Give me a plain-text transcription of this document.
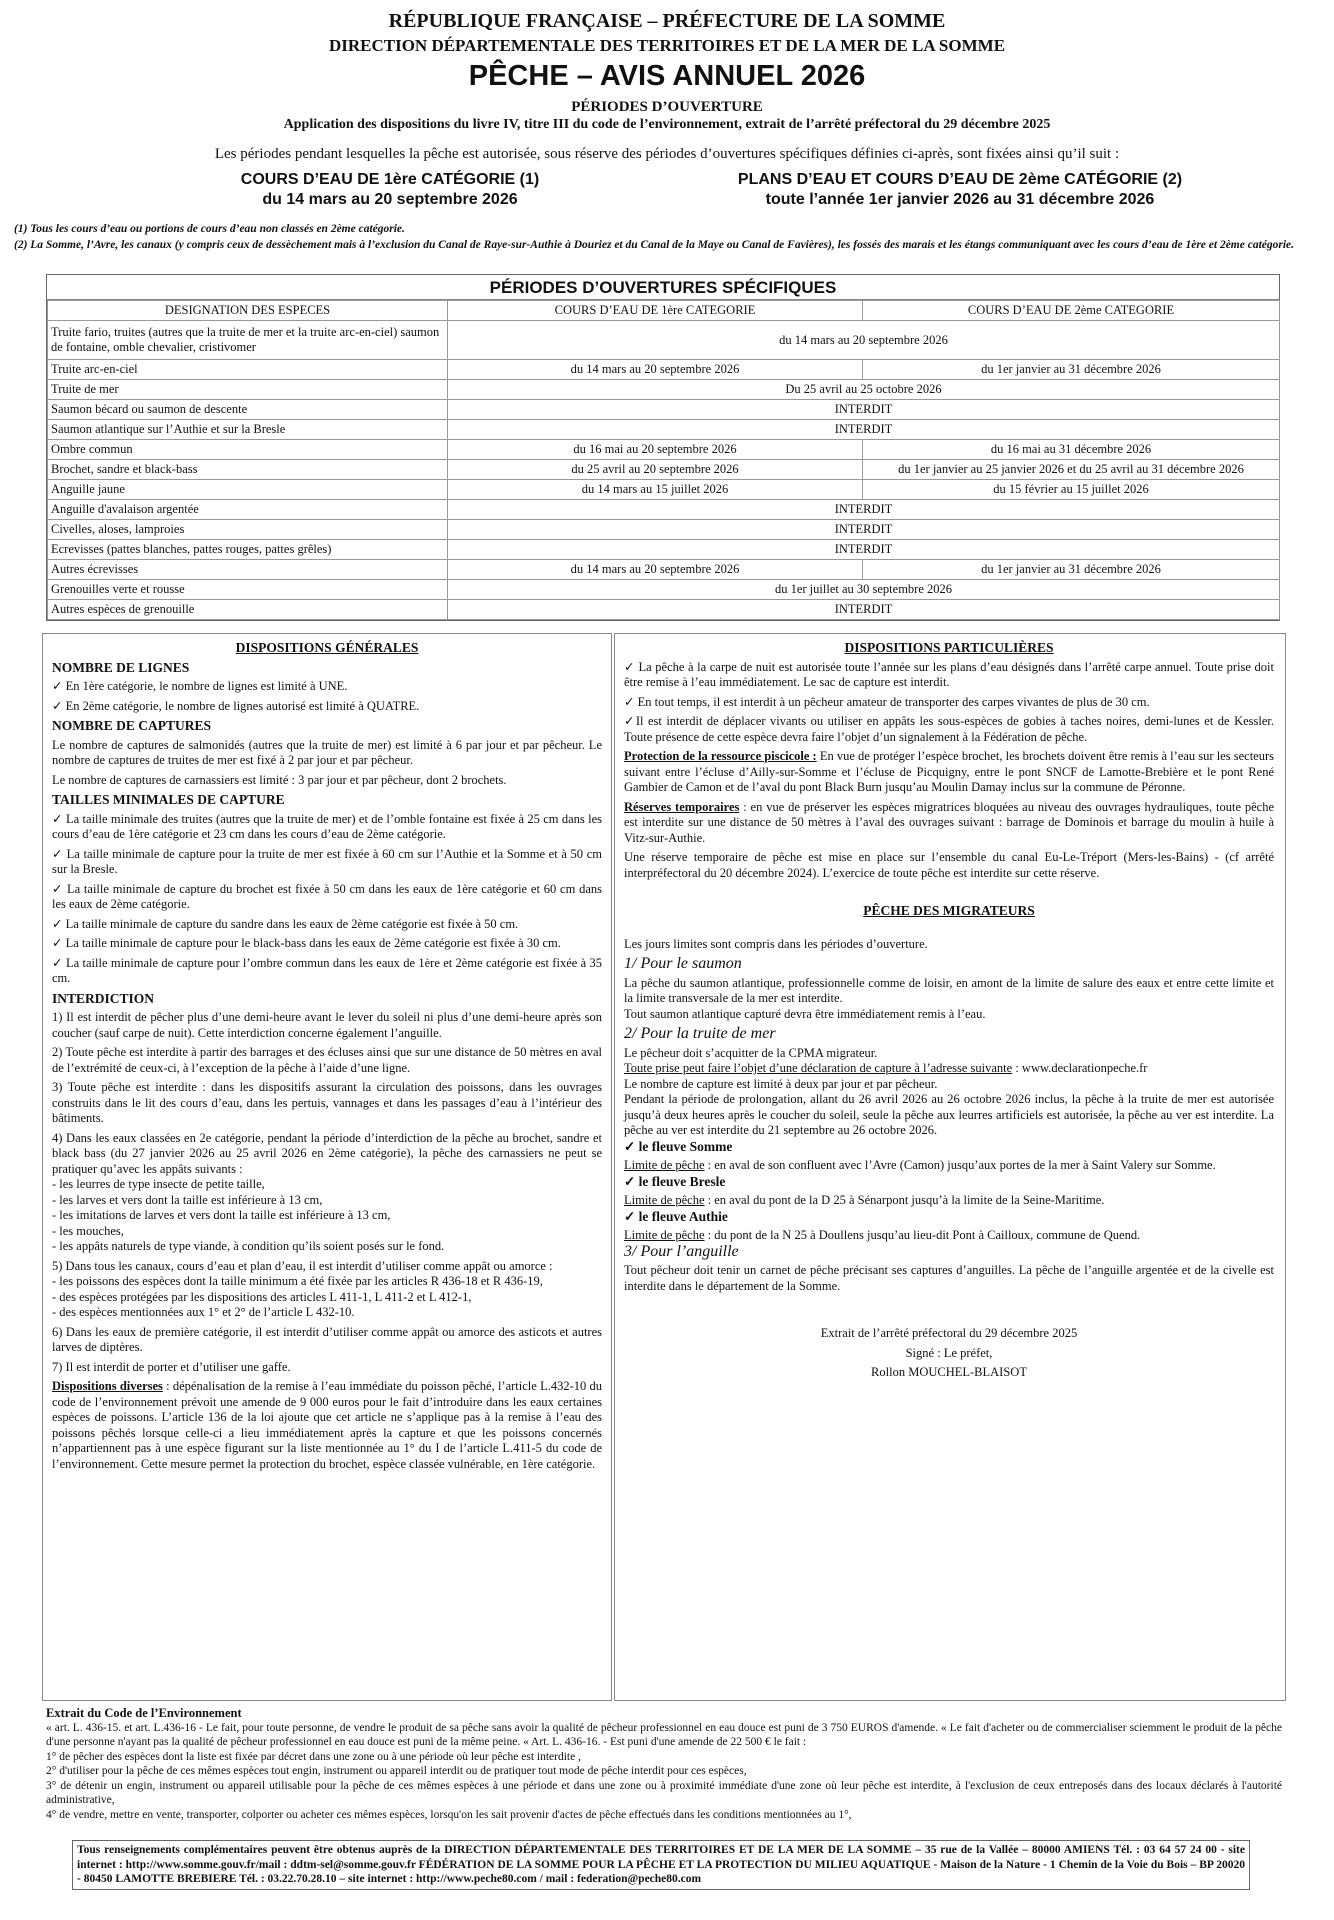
RÉPUBLIQUE FRANÇAISE – PRÉFECTURE DE LA SOMME
DIRECTION DÉPARTEMENTALE DES TERRITOIRES ET DE LA MER DE LA SOMME
PÊCHE – AVIS ANNUEL 2026
PÉRIODES D’OUVERTURE
Application des dispositions du livre IV, titre III du code de l’environnement, extrait de l’arrêté préfectoral du 29 décembre 2025
Les périodes pendant lesquelles la pêche est autorisée, sous réserve des périodes d’ouvertures spécifiques définies ci-après, sont fixées ainsi qu’il suit :
COURS D’EAU DE 1ère CATÉGORIE (1)
du 14 mars au 20 septembre 2026
PLANS D’EAU ET COURS D’EAU DE 2ème CATÉGORIE (2)
toute l’année 1er janvier 2026 au 31 décembre 2026
(1) Tous les cours d’eau ou portions de cours d’eau non classés en 2ème catégorie.
(2) La Somme, l’Avre, les canaux (y compris ceux de dessèchement mais à l’exclusion du Canal de Raye-sur-Authie à Douriez et du Canal de la Maye ou Canal de Favières), les fossés des marais et les étangs communiquant avec les cours d’eau de 1ère et 2ème catégorie.
PÉRIODES D’OUVERTURES SPÉCIFIQUES
DESIGNATION DES ESPECES	COURS D’EAU DE 1ère CATEGORIE	COURS D’EAU DE 2ème CATEGORIE
Truite fario, truites (autres que la truite de mer et la truite arc-en-ciel) saumon de fontaine, omble chevalier, cristivomer	du 14 mars au 20 septembre 2026	
Truite arc-en-ciel	du 14 mars au 20 septembre 2026	du 1er janvier au 31 décembre 2026
Truite de mer	Du 25 avril au 25 octobre 2026	
Saumon bécard ou saumon de descente	INTERDIT	
Saumon atlantique sur l’Authie et sur la Bresle	INTERDIT	
Ombre commun	du 16 mai au 20 septembre 2026	du 16 mai au 31 décembre 2026
Brochet, sandre et black-bass	du 25 avril au 20 septembre 2026	du 1er janvier au 25 janvier 2026 et du 25 avril au 31 décembre 2026
Anguille jaune	du 14 mars au 15 juillet 2026	du 15 février au 15 juillet 2026
Anguille d'avalaison argentée	INTERDIT	
Civelles, aloses, lamproies	INTERDIT	
Ecrevisses (pattes blanches, pattes rouges, pattes grêles)	INTERDIT	
Autres écrevisses	du 14 mars au 20 septembre 2026	du 1er janvier au 31 décembre 2026
Grenouilles verte et rousse	du 1er juillet au 30 septembre 2026	
Autres espèces de grenouille	INTERDIT	

DISPOSITIONS GÉNÉRALES

NOMBRE DE LIGNES

✓ En 1ère catégorie, le nombre de lignes est limité à UNE.

✓ En 2ème catégorie, le nombre de lignes autorisé est limité à QUATRE.

NOMBRE DE CAPTURES

Le nombre de captures de salmonidés (autres que la truite de mer) est limité à 6 par jour et par pêcheur. Le nombre de captures de truites de mer est fixé à 2 par jour et par pêcheur.

Le nombre de captures de carnassiers est limité : 3 par jour et par pêcheur, dont 2 brochets.

TAILLES MINIMALES DE CAPTURE

✓ La taille minimale des truites (autres que la truite de mer) et de l’omble fontaine est fixée à 25 cm dans les cours d’eau de 1ère catégorie et 23 cm dans les cours d’eau de 2ème catégorie.

✓ La taille minimale de capture pour la truite de mer est fixée à 60 cm sur l’Authie et la Somme et à 50 cm sur la Bresle.

✓ La taille minimale de capture du brochet est fixée à 50 cm dans les eaux de 1ère catégorie et 60 cm dans les eaux de 2ème catégorie.

✓ La taille minimale de capture du sandre dans les eaux de 2ème catégorie est fixée à 50 cm.

✓ La taille minimale de capture pour le black-bass dans les eaux de 2ème catégorie est fixée à 30 cm.

✓ La taille minimale de capture pour l’ombre commun dans les eaux de 1ère et 2ème catégorie est fixée à 35 cm.

INTERDICTION

1) Il est interdit de pêcher plus d’une demi-heure avant le lever du soleil ni plus d’une demi-heure après son coucher (sauf carpe de nuit). Cette interdiction concerne également l’anguille.

2) Toute pêche est interdite à partir des barrages et des écluses ainsi que sur une distance de 50 mètres en aval de l’extrémité de ceux-ci, à l’exception de la pêche à l’aide d’une ligne.

3) Toute pêche est interdite : dans les dispositifs assurant la circulation des poissons, dans les ouvrages construits dans le lit des cours d’eau, dans les pertuis, vannages et dans les passages d’eau à l’intérieur des bâtiments.

4) Dans les eaux classées en 2e catégorie, pendant la période d’interdiction de la pêche au brochet, sandre et black bass (du 27 janvier 2026 au 25 avril 2026 en 2ème catégorie), la pêche des carnassiers ne peut se pratiquer qu’avec les appâts suivants :

- les leurres de type insecte de petite taille,

- les larves et vers dont la taille est inférieure à 13 cm,

- les imitations de larves et vers dont la taille est inférieure à 13 cm,

- les mouches,

- les appâts naturels de type viande, à condition qu’ils soient posés sur le fond.

5) Dans tous les canaux, cours d’eau et plan d’eau, il est interdit d’utiliser comme appât ou amorce :

- les poissons des espèces dont la taille minimum a été fixée par les articles R 436-18 et R 436-19,

- des espèces protégées par les dispositions des articles L 411-1, L 411-2 et L 412-1,

- des espèces mentionnées aux 1° et 2° de l’article L 432-10.

6) Dans les eaux de première catégorie, il est interdit d’utiliser comme appât ou amorce des asticots et autres larves de diptères.

7) Il est interdit de porter et d’utiliser une gaffe.

Dispositions diverses : dépénalisation de la remise à l’eau immédiate du poisson pêché, l’article L.432-10 du code de l’environnement prévoit une amende de 9 000 euros pour le fait d’introduire dans les eaux certaines espèces de poissons. L’article 136 de la loi ajoute que cet article ne s’applique pas à la remise à l’eau des poissons pêchés lorsque celle-ci a lieu immédiatement après la capture et que les poissons concernés n’appartiennent pas à une espèce figurant sur la liste mentionnée au 1° du I de l’article L.411-5 du code de l’environnement. Cette mesure permet la protection du brochet, espèce classée vulnérable, en 1ère catégorie.

DISPOSITIONS PARTICULIÈRES

✓ La pêche à la carpe de nuit est autorisée toute l’année sur les plans d’eau désignés dans l’arrêté carpe annuel. Toute prise doit être remise à l’eau immédiatement. Le sac de capture est interdit.

✓ En tout temps, il est interdit à un pêcheur amateur de transporter des carpes vivantes de plus de 30 cm.

✓Il est interdit de déplacer vivants ou utiliser en appâts les sous-espèces de gobies à taches noires, demi-lunes et de Kessler. Toute présence de cette espèce devra faire l’objet d’un signalement à la Fédération de pêche.

Protection de la ressource piscicole : En vue de protéger l’espèce brochet, les brochets doivent être remis à l’eau sur les secteurs suivant entre l’écluse d’Ailly-sur-Somme et l’écluse de Picquigny, entre le pont SNCF de Lamotte-Brebière et le pont René Gambier de Camon et de l’aval du pont Black Burn jusqu’au Moulin Damay inclus sur la commune de Péronne.

Réserves temporaires : en vue de préserver les espèces migratrices bloquées au niveau des ouvrages hydrauliques, toute pêche est interdite sur une distance de 50 mètres à l’aval des ouvrages suivant : barrage de Dominois et barrage du moulin à huile à Vitz-sur-Authie.

Une réserve temporaire de pêche est mise en place sur l’ensemble du canal Eu-Le-Tréport (Mers-les-Bains) - (cf arrêté interpréfectoral du 20 décembre 2024). L’exercice de toute pêche est interdite sur cette réserve.

PÊCHE DES MIGRATEURS

Les jours limites sont compris dans les périodes d’ouverture.

1/ Pour le saumon

La pêche du saumon atlantique, professionnelle comme de loisir, en amont de la limite de salure des eaux et entre cette limite et la limite transversale de la mer est interdite.

Tout saumon atlantique capturé devra être immédiatement remis à l’eau.

2/ Pour la truite de mer

Le pêcheur doit s’acquitter de la CPMA migrateur.

Toute prise peut faire l’objet d’une déclaration de capture à l’adresse suivante : www.declarationpeche.fr

Le nombre de capture est limité à deux par jour et par pêcheur.

Pendant la période de prolongation, allant du 26 avril 2026 au 26 octobre 2026 inclus, la pêche à la truite de mer est autorisée jusqu’à deux heures après le coucher du soleil, seule la pêche aux leurres artificiels est autorisée, la pêche au ver est interdite. La pêche au ver est interdite du 21 septembre au 26 octobre 2026.

✓ le fleuve Somme

Limite de pêche : en aval de son confluent avec l’Avre (Camon) jusqu’aux portes de la mer à Saint Valery sur Somme.

✓ le fleuve Bresle

Limite de pêche : en aval du pont de la D 25 à Sénarpont jusqu’à la limite de la Seine-Maritime.

✓ le fleuve Authie

Limite de pêche : du pont de la N 25 à Doullens jusqu’au lieu-dit Pont à Cailloux, commune de Quend.

3/ Pour l’anguille

Tout pêcheur doit tenir un carnet de pêche précisant ses captures d’anguilles. La pêche de l’anguille argentée et de la civelle est interdite dans le département de la Somme.

Extrait de l’arrêté préfectoral du 29 décembre 2025

Signé : Le préfet,

Rollon MOUCHEL-BLAISOT

Extrait du Code de l’Environnement

« art. L. 436-15. et art. L.436-16 - Le fait, pour toute personne, de vendre le produit de sa pêche sans avoir la qualité de pêcheur professionnel en eau douce est puni de 3 750 EUROS d'amende. « Le fait d'acheter ou de commercialiser sciemment le produit de la pêche d'une personne n'ayant pas la qualité de pêcheur professionnel en eau douce est puni de la même peine. « Art. L. 436-16. - Est puni d'une amende de 22 500 € le fait :

1° de pêcher des espèces dont la liste est fixée par décret dans une zone ou à une période où leur pêche est interdite ,

2° d'utiliser pour la pêche de ces mêmes espèces tout engin, instrument ou appareil interdit ou de pratiquer tout mode de pêche interdit pour ces espèces,

3° de détenir un engin, instrument ou appareil utilisable pour la pêche de ces mêmes espèces à une période et dans une zone ou à proximité immédiate d'une zone où leur pêche est interdite, à l'exclusion de ceux entreposés dans des locaux déclarés à l'autorité administrative,

4° de vendre, mettre en vente, transporter, colporter ou acheter ces mêmes espèces, lorsqu'on les sait provenir d'actes de pêche effectués dans les conditions mentionnées au 1°,

Tous renseignements complémentaires peuvent être obtenus auprès de la DIRECTION DÉPARTEMENTALE DES TERRITOIRES ET DE LA MER DE LA SOMME – 35 rue de la Vallée – 80000 AMIENS Tél. : 03 64 57 24 00 - site internet : http://www.somme.gouv.fr/mail : ddtm-sel@somme.gouv.fr FÉDÉRATION DE LA SOMME POUR LA PÊCHE ET LA PROTECTION DU MILIEU AQUATIQUE - Maison de la Nature - 1 Chemin de la Voie du Bois – BP 20020 - 80450 LAMOTTE BREBIERE Tél. : 03.22.70.28.10 – site internet : http://www.peche80.com / mail : federation@peche80.com
